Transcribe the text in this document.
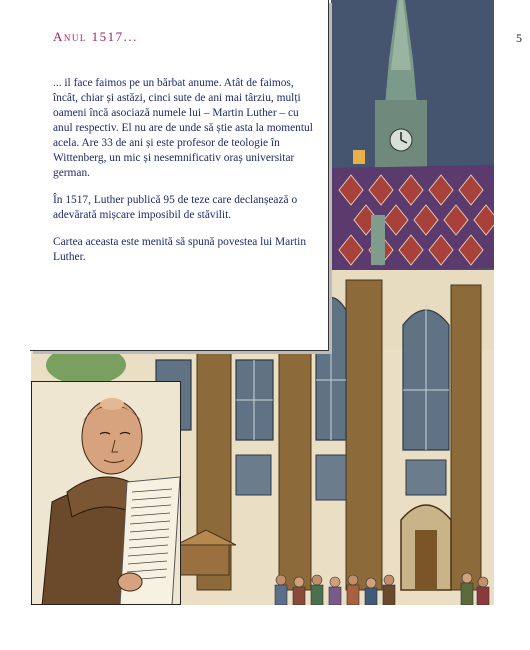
Anul 1517...

... il face faimos pe un bărbat anume. Atât de faimos, încât, chiar și astăzi, cinci sute de ani mai târziu, mulți oameni încă asociază numele lui – Martin Luther – cu anul respectiv. El nu are de unde să știe asta la momentul acela. Are 33 de ani și este profesor de teologie în Wittenberg, un mic și nesemnificativ oraș universitar german.

În 1517, Luther publică 95 de teze care declanșează o adevărată mișcare imposibil de stăvilit.

Cartea aceasta este menită să spună povestea lui Martin Luther.

5
